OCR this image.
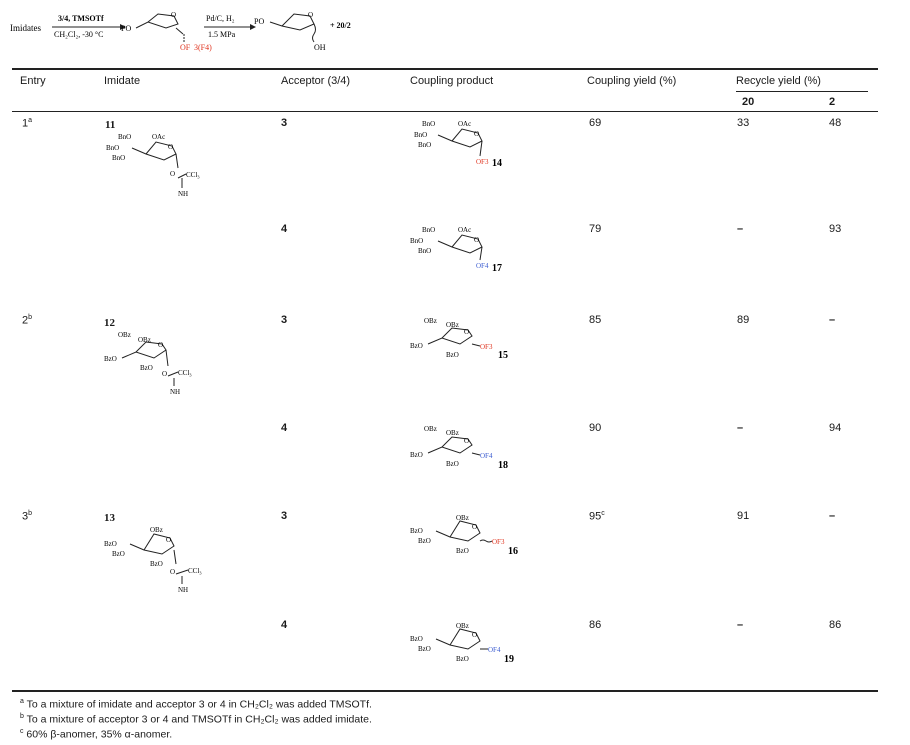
Imidates
3/4, TMSOTf
CH₂Cl₂, -30 °C
PO
O
OF 3(F4)
Pd/C, H₂
1.5 MPa
PO
O
OH
+ 20/2
Entry	Imidate	Acceptor (3/4)	Coupling product	Coupling yield (%)	Recycle yield (%)
20	2
1$^a$	11	3	69	33	48
BnO	OAc
BnO
BnO
O
O CCl₃
NH
BnO	OAc
BnO
BnO
O
OF3 14
4	79	–	93
BnO	OAc
BnO
BnO
O
OF4 17
2$^b$	12	3	85	89	–
OBz
OBz
BzO
O
BzO
O CCl₃
NH
OBz OBz
BzO
O
BzO
OF3
15
4	90	–	94
OBz OBz
BzO
O
BzO
OF4
18
3$^b$	13	3	95$^c$	91	–
OBz
BzO
BzO
O
BzO
O CCl₃
NH
OBz
BzO
BzO
O
BzO
OF3
16
4	86	–	86
OBz
BzO
BzO
O
BzO
OF4
19
$^a$ To a mixture of imidate and acceptor 3 or 4 in CH₂Cl₂ was added TMSOTf.
$^b$ To a mixture of acceptor 3 or 4 and TMSOTf in CH₂Cl₂ was added imidate.
$^c$ 60% β-anomer, 35% α-anomer.
